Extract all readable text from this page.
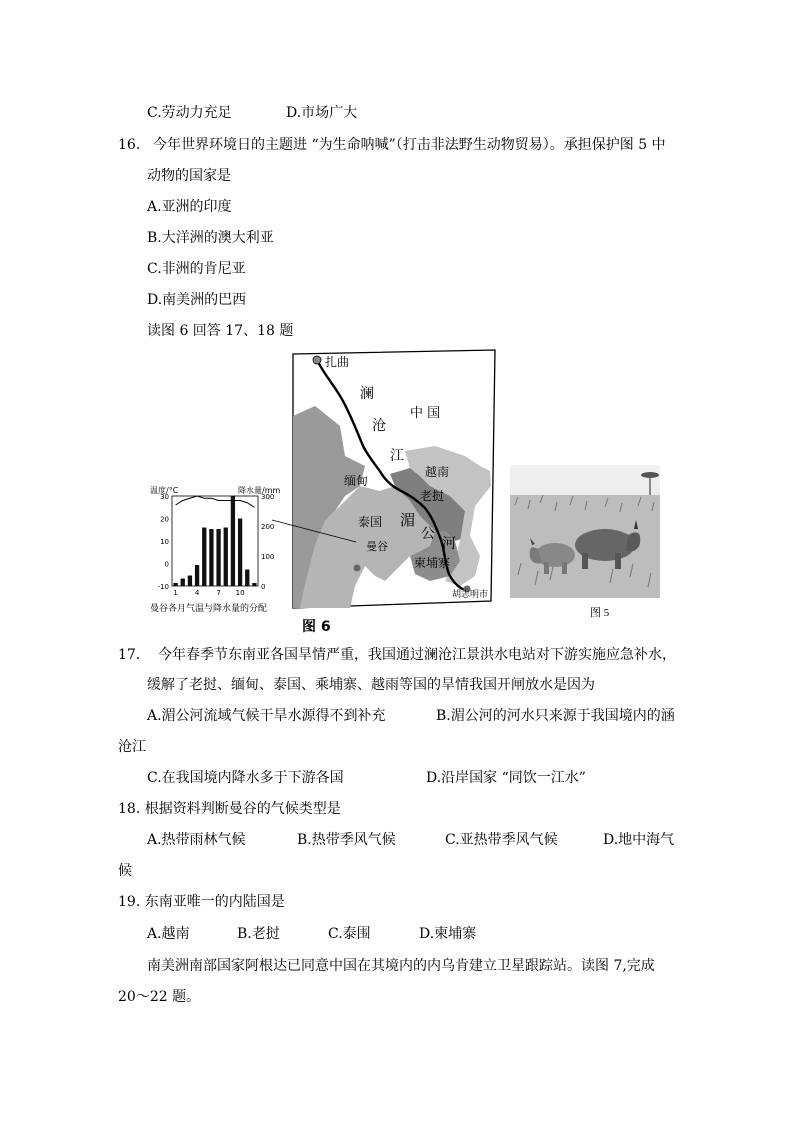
C.劳动力充足	D.市场广大
16. 今年世界环境日的主题进 “为生命呐喊”（打击非法野生动物贸易）。承担保护图 5 中
动物的国家是
A.亚洲的印度
B.大洋洲的澳大利亚
C.非洲的肯尼亚
D.南美洲的巴西
读图 6 回答 17、18 题
扎曲
澜
中 国
沧
江
缅甸
越南
老挝
泰国 湄
公
河
曼谷
柬埔寨
胡志明市
图 6
温度/°C	降水量/mm
30
20
10
0
-10
300
200
100
0
1 4 7 10
曼谷各月气温与降水量的分配	图 5
17. 今年春季节东南亚各国旱情严重，我国通过澜沧江景洪水电站对下游实施应急补水，
缓解了老挝、缅甸、泰国、乘埔寨、越雨等国的旱情我国开闸放水是因为
A.湄公河流域气候干旱水源得不到补充	B.湄公河的河水只来源于我国境内的涵
沧江
C.在我国境内降水多于下游各国	D.沿岸国家 “同饮一江水”
18. 根据资料判断曼谷的气候类型是
A.热带雨林气候	B.热带季风气候	C.亚热带季风气候	D.地中海气
候
19. 东南亚唯一的内陆国是
A.越南	B.老挝	C.泰围	D.柬埔寨
南美洲南部国家阿根达已同意中国在其境内的内乌肯建立卫星跟踪站。读图 7,完成
20～22 题。
